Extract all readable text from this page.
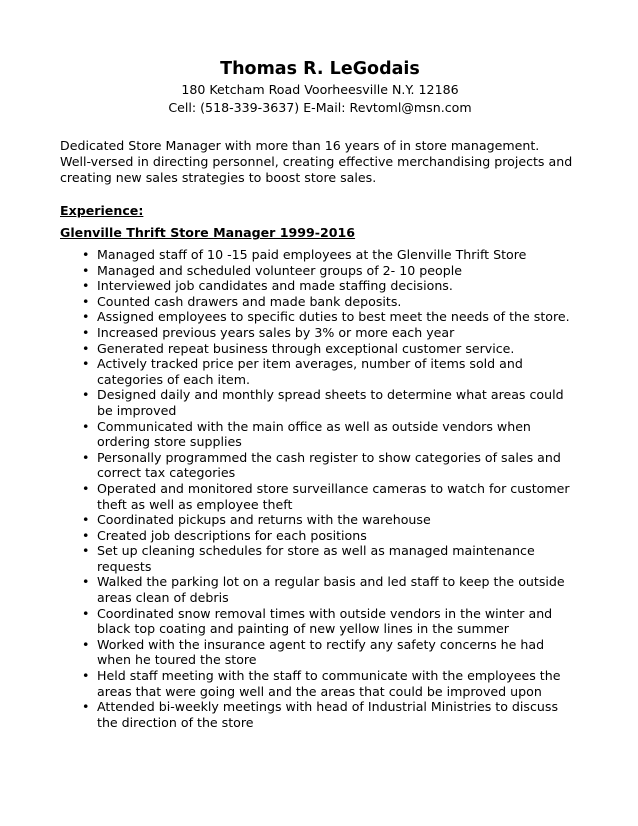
Thomas R. LeGodais
180 Ketcham Road Voorheesville N.Y. 12186
Cell: (518-339-3637) E-Mail: Revtoml@msn.com
Dedicated Store Manager with more than 16 years of in store management.
Well-versed in directing personnel, creating effective merchandising projects and
creating new sales strategies to boost store sales.
Experience:
Glenville Thrift Store Manager 1999-2016
• Managed staff of 10 -15 paid employees at the Glenville Thrift Store
• Managed and scheduled volunteer groups of 2- 10 people
• Interviewed job candidates and made staffing decisions.
• Counted cash drawers and made bank deposits.
• Assigned employees to specific duties to best meet the needs of the store.
• Increased previous years sales by 3% or more each year
• Generated repeat business through exceptional customer service.
• Actively tracked price per item averages, number of items sold and
categories of each item.
• Designed daily and monthly spread sheets to determine what areas could
be improved
• Communicated with the main office as well as outside vendors when
ordering store supplies
• Personally programmed the cash register to show categories of sales and
correct tax categories
• Operated and monitored store surveillance cameras to watch for customer
theft as well as employee theft
• Coordinated pickups and returns with the warehouse
• Created job descriptions for each positions
• Set up cleaning schedules for store as well as managed maintenance
requests
• Walked the parking lot on a regular basis and led staff to keep the outside
areas clean of debris
• Coordinated snow removal times with outside vendors in the winter and
black top coating and painting of new yellow lines in the summer
• Worked with the insurance agent to rectify any safety concerns he had
when he toured the store
• Held staff meeting with the staff to communicate with the employees the
areas that were going well and the areas that could be improved upon
• Attended bi-weekly meetings with head of Industrial Ministries to discuss
the direction of the store
